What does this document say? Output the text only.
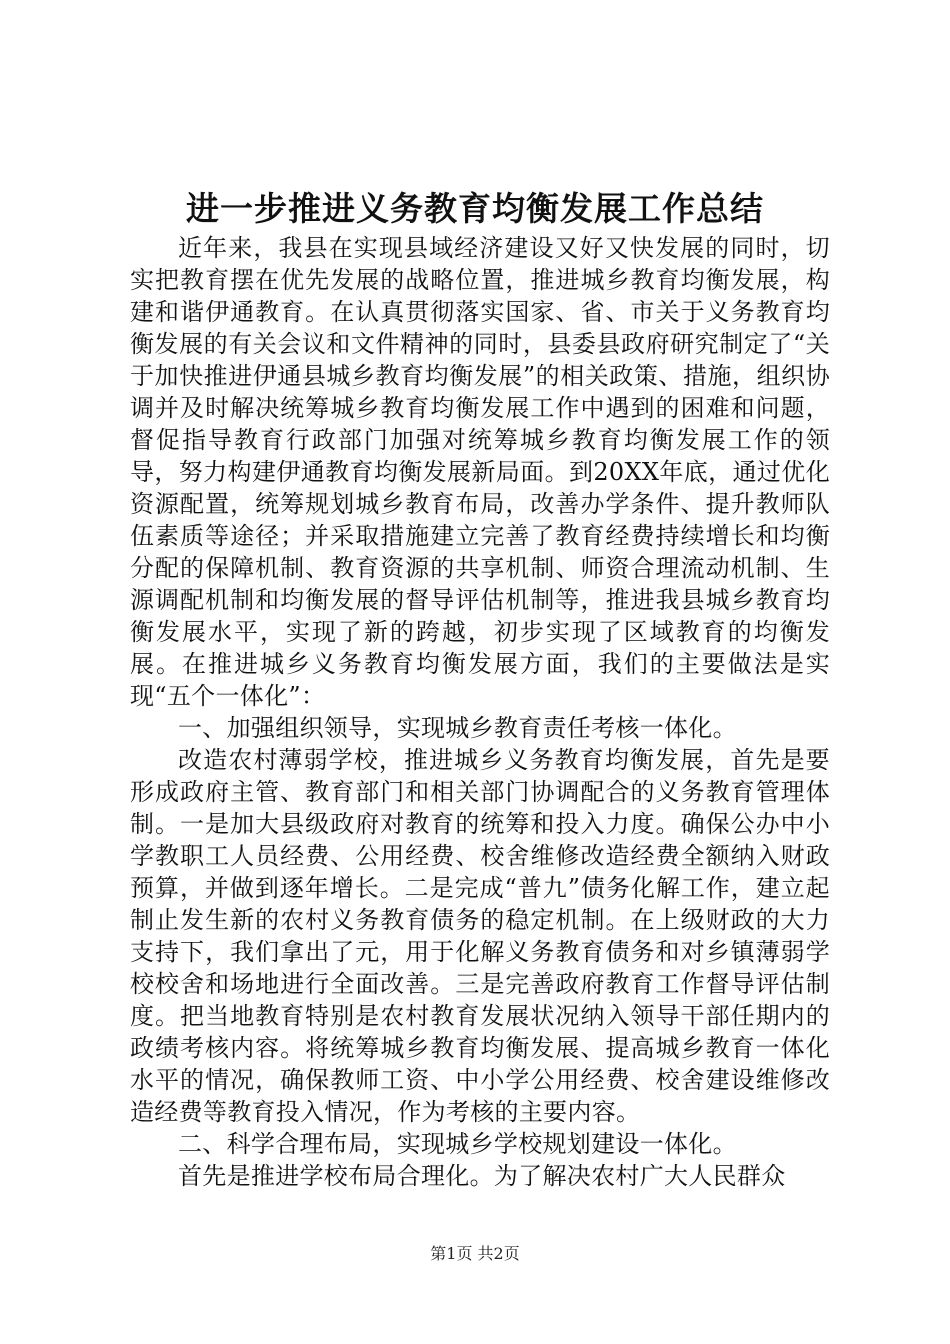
进一步推进义务教育均衡发展工作总结

近年来，我县在实现县域经济建设又好又快发展的同时，切实把教育摆在优先发展的战略位置，推进城乡教育均衡发展，构建和谐伊通教育。在认真贯彻落实国家、省、市关于义务教育均衡发展的有关会议和文件精神的同时，县委县政府研究制定了“关于加快推进伊通县城乡教育均衡发展”的相关政策、措施，组织协调并及时解决统筹城乡教育均衡发展工作中遇到的困难和问题，督促指导教育行政部门加强对统筹城乡教育均衡发展工作的领导，努力构建伊通教育均衡发展新局面。到20XX年底，通过优化资源配置，统筹规划城乡教育布局，改善办学条件、提升教师队伍素质等途径；并采取措施建立完善了教育经费持续增长和均衡分配的保障机制、教育资源的共享机制、师资合理流动机制、生源调配机制和均衡发展的督导评估机制等，推进我县城乡教育均衡发展水平，实现了新的跨越，初步实现了区域教育的均衡发展。在推进城乡义务教育均衡发展方面，我们的主要做法是实现“五个一体化”：

一、加强组织领导，实现城乡教育责任考核一体化。

改造农村薄弱学校，推进城乡义务教育均衡发展，首先是要形成政府主管、教育部门和相关部门协调配合的义务教育管理体制。一是加大县级政府对教育的统筹和投入力度。确保公办中小学教职工人员经费、公用经费、校舍维修改造经费全额纳入财政预算，并做到逐年增长。二是完成“普九”债务化解工作，建立起制止发生新的农村义务教育债务的稳定机制。在上级财政的大力支持下，我们拿出了元，用于化解义务教育债务和对乡镇薄弱学校校舍和场地进行全面改善。三是完善政府教育工作督导评估制度。把当地教育特别是农村教育发展状况纳入领导干部任期内的政绩考核内容。将统筹城乡教育均衡发展、提高城乡教育一体化水平的情况，确保教师工资、中小学公用经费、校舍建设维修改造经费等教育投入情况，作为考核的主要内容。

二、科学合理布局，实现城乡学校规划建设一体化。

首先是推进学校布局合理化。为了解决农村广大人民群众

第1页 共2页
